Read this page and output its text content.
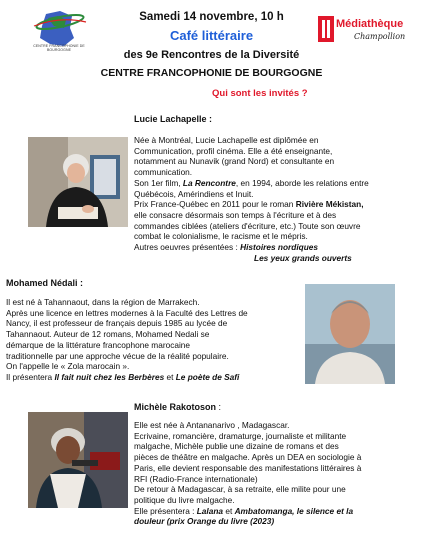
CENTRE FRANCOPHONIE DE BOURGOGNE
Médiathèque
Champollion
Samedi 14 novembre, 10 h
Café littéraire
des 9e Rencontres de la Diversité
CENTRE FRANCOPHONIE DE BOURGOGNE
Qui sont les invités ?
Lucie Lachapelle :

Née à Montréal, Lucie Lachapelle est diplômée en

Communication, profil cinéma. Elle a été enseignante,

notamment au Nunavik (grand Nord) et consultante en

communication.

Son 1er film, La Rencontre, en 1994, aborde les relations entre

Québécois, Amérindiens et Inuit.

Prix France-Québec en 2011 pour le roman Rivière Mékistan,

elle consacre désormais son temps à l'écriture et à des

commandes ciblées (ateliers d'écriture, etc.) Toute son œuvre

combat le colonialisme, le racisme et le mépris.

Autres oeuvres présentées : Histoires nordiques

Les yeux grands ouverts

Mohamed Nédali :

Il est né à Tahannaout, dans la région de Marrakech.

Après une licence en lettres modernes à la Faculté des Lettres de

Nancy, il est professeur de français depuis 1985 au lycée de

Tahannaout. Auteur de 12 romans, Mohamed Nedali se

démarque de la littérature francophone marocaine

traditionnelle par une approche vécue de la réalité populaire.

On l'appelle le « Zola marocain ».

Il présentera Il fait nuit chez les Berbères et Le poète de Safi

Michèle Rakotoson :

Elle est née à Antananarivo , Madagascar.

Ecrivaine, romancière, dramaturge, journaliste et militante

malgache, Michèle publie une dizaine de romans et des

pièces de théâtre en malgache. Après un DEA en sociologie à

Paris, elle devient responsable des manifestations littéraires à

RFI (Radio-France internationale)

De retour à Madagascar, à sa retraite, elle milite pour une

politique du livre malgache.

Elle présentera : Lalana et Ambatomanga, le silence et la

douleur (prix Orange du livre (2023)
